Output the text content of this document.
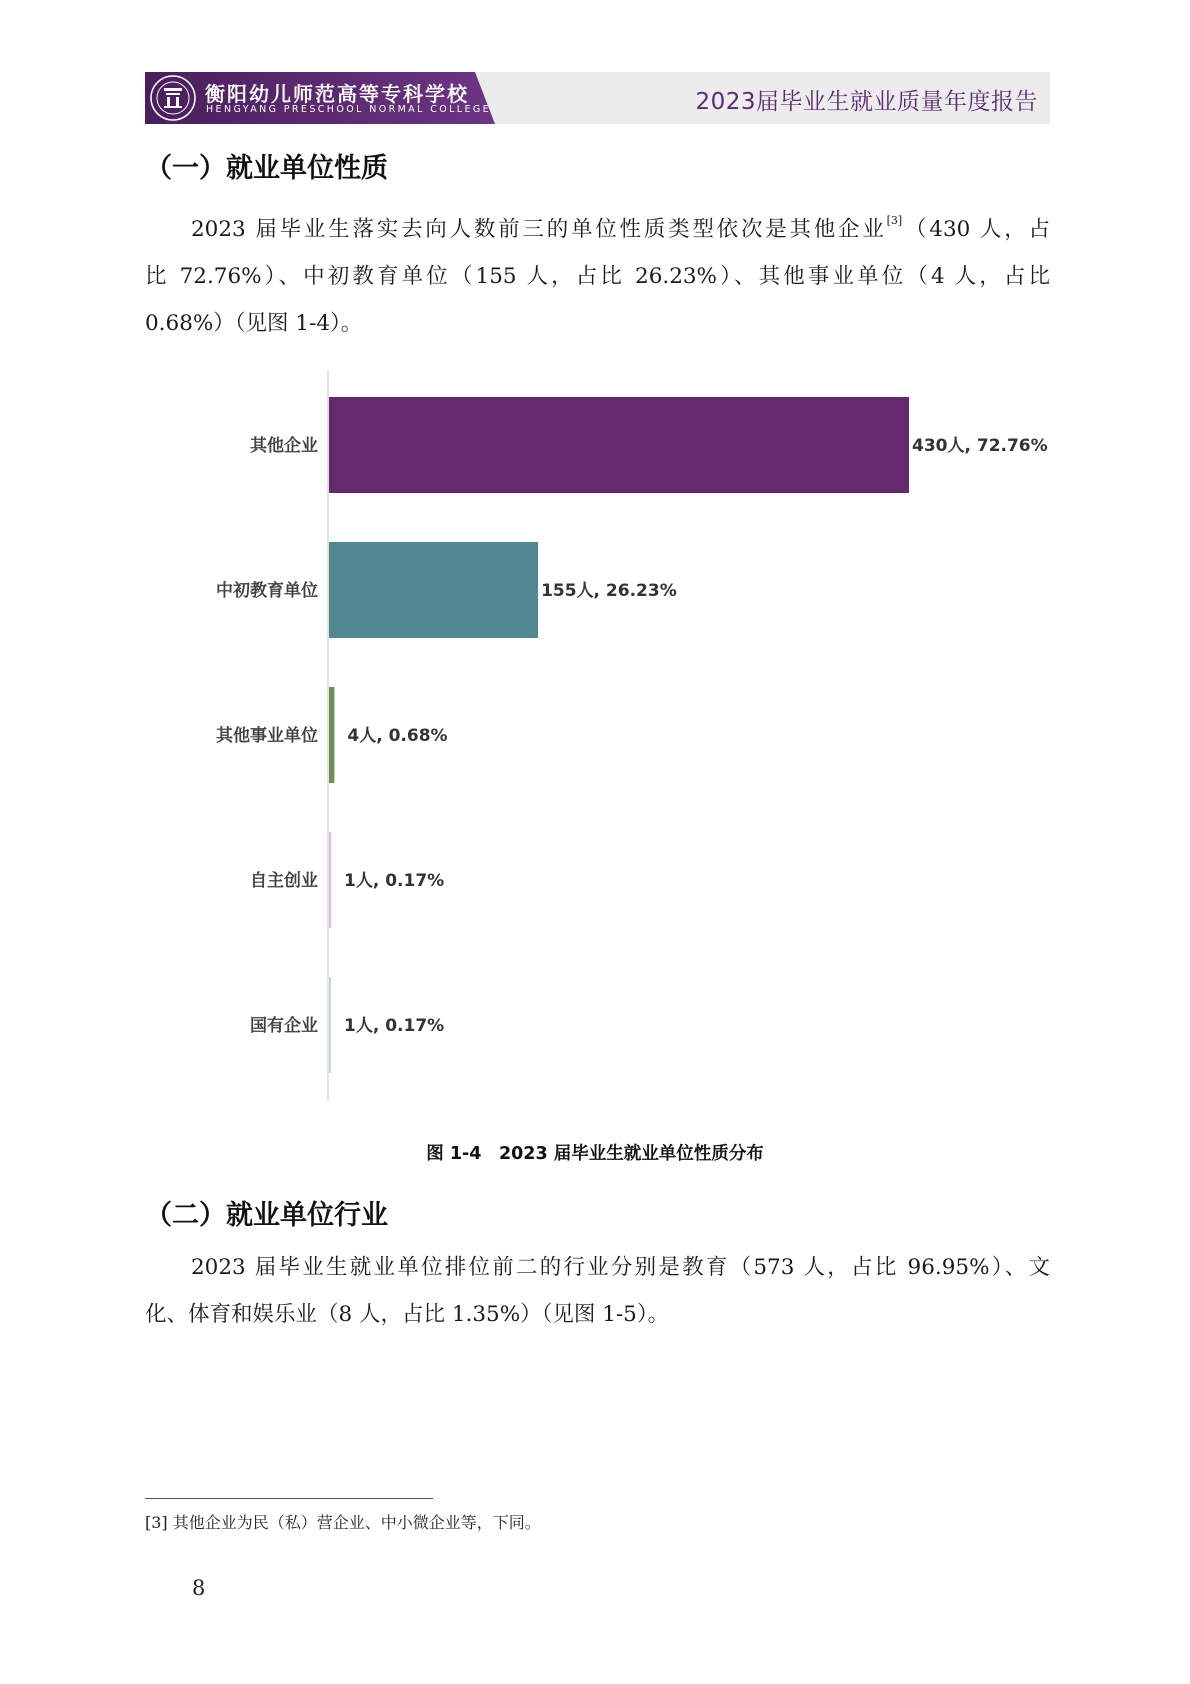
衡阳幼儿师范高等专科学校
HENGYANG PRESCHOOL NORMAL COLLEGE	2023届毕业生就业质量年度报告
（一）就业单位性质
2023 届毕业生落实去向人数前三的单位性质类型依次是其他企业[3]（430 人，占
比 72.76%）、中初教育单位（155 人，占比 26.23%）、其他事业单位（4 人，占比
0.68%）（见图 1-4）。
其他企业	430人, 72.76%
中初教育单位	155人, 26.23%
其他事业单位 4人, 0.68%
自主创业 1人, 0.17%
国有企业 1人, 0.17%
图 1-4　2023 届毕业生就业单位性质分布
（二）就业单位行业
2023 届毕业生就业单位排位前二的行业分别是教育（573 人，占比 96.95%）、文
化、体育和娱乐业（8 人，占比 1.35%）（见图 1-5）。
[3] 其他企业为民（私）营企业、中小微企业等，下同。
8
